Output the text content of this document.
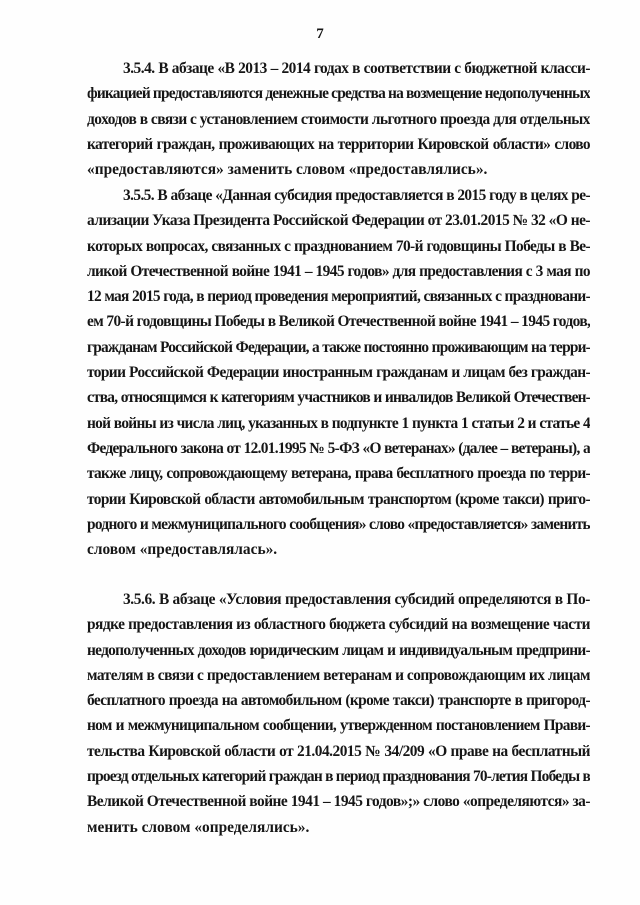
7
3.5.4. В абзаце «В 2013 – 2014 годах в соответствии с бюджетной класси-
фикацией предоставляются денежные средства на возмещение недополученных
доходов в связи с установлением стоимости льготного проезда для отдельных
категорий граждан, проживающих на территории Кировской области» слово
«предоставляются» заменить словом «предоставлялись».
3.5.5. В абзаце «Данная субсидия предоставляется в 2015 году в целях ре-
ализации Указа Президента Российской Федерации от 23.01.2015 № 32 «О не-
которых вопросах, связанных с празднованием 70-й годовщины Победы в Ве-
ликой Отечественной войне 1941 – 1945 годов» для предоставления с 3 мая по
12 мая 2015 года, в период проведения мероприятий, связанных с праздновани-
ем 70-й годовщины Победы в Великой Отечественной войне 1941 – 1945 годов,
гражданам Российской Федерации, а также постоянно проживающим на терри-
тории Российской Федерации иностранным гражданам и лицам без граждан-
ства, относящимся к категориям участников и инвалидов Великой Отечествен-
ной войны из числа лиц, указанных в подпункте 1 пункта 1 статьи 2 и статье 4
Федерального закона от 12.01.1995 № 5-ФЗ «О ветеранах» (далее – ветераны), а
также лицу, сопровождающему ветерана, права бесплатного проезда по терри-
тории Кировской области автомобильным транспортом (кроме такси) приго-
родного и межмуниципального сообщения» слово «предоставляется» заменить
словом «предоставлялась».
3.5.6. В абзаце «Условия предоставления субсидий определяются в По-
рядке предоставления из областного бюджета субсидий на возмещение части
недополученных доходов юридическим лицам и индивидуальным предприни-
мателям в связи с предоставлением ветеранам и сопровождающим их лицам
бесплатного проезда на автомобильном (кроме такси) транспорте в пригород-
ном и межмуниципальном сообщении, утвержденном постановлением Прави-
тельства Кировской области от 21.04.2015 № 34/209 «О праве на бесплатный
проезд отдельных категорий граждан в период празднования 70-летия Победы в
Великой Отечественной войне 1941 – 1945 годов»;» слово «определяются» за-
менить словом «определялись».
